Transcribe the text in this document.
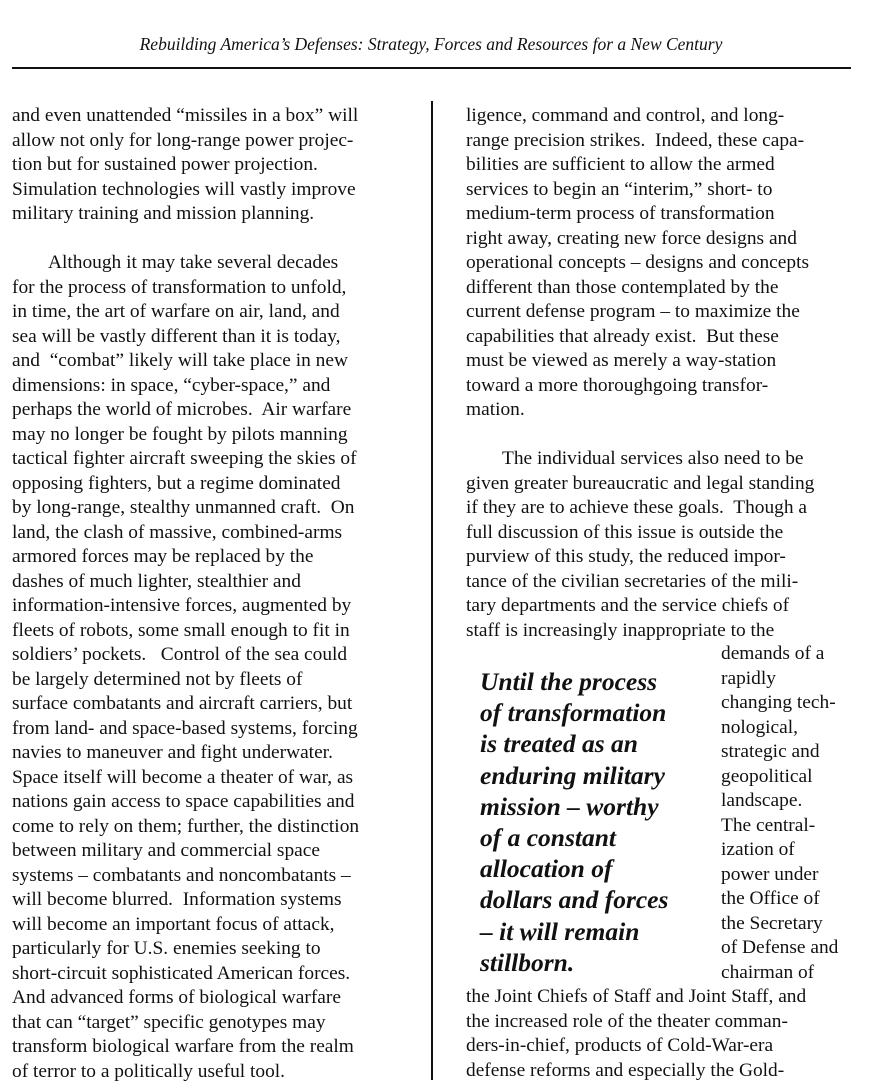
Rebuilding America’s Defenses: Strategy, Forces and Resources for a New Century
and even unattended “missiles in a box” will
allow not only for long-range power projec-
tion but for sustained power projection.
Simulation technologies will vastly improve
military training and mission planning.
Although it may take several decades
for the process of transformation to unfold,
in time, the art of warfare on air, land, and
sea will be vastly different than it is today,
and  “combat” likely will take place in new
dimensions: in space, “cyber-space,” and
perhaps the world of microbes.  Air warfare
may no longer be fought by pilots manning
tactical fighter aircraft sweeping the skies of
opposing fighters, but a regime dominated
by long-range, stealthy unmanned craft.  On
land, the clash of massive, combined-arms
armored forces may be replaced by the
dashes of much lighter, stealthier and
information-intensive forces, augmented by
fleets of robots, some small enough to fit in
soldiers’ pockets.   Control of the sea could
be largely determined not by fleets of
surface combatants and aircraft carriers, but
from land- and space-based systems, forcing
navies to maneuver and fight underwater.
Space itself will become a theater of war, as
nations gain access to space capabilities and
come to rely on them; further, the distinction
between military and commercial space
systems – combatants and noncombatants –
will become blurred.  Information systems
will become an important focus of attack,
particularly for U.S. enemies seeking to
short-circuit sophisticated American forces.
And advanced forms of biological warfare
that can “target” specific genotypes may
transform biological warfare from the realm
of terror to a politically useful tool.
ligence, command and control, and long-
range precision strikes.  Indeed, these capa-
bilities are sufficient to allow the armed
services to begin an “interim,” short- to
medium-term process of transformation
right away, creating new force designs and
operational concepts – designs and concepts
different than those contemplated by the
current defense program – to maximize the
capabilities that already exist.  But these
must be viewed as merely a way-station
toward a more thoroughgoing transfor-
mation.
The individual services also need to be
given greater bureaucratic and legal standing
if they are to achieve these goals.  Though a
full discussion of this issue is outside the
purview of this study, the reduced impor-
tance of the civilian secretaries of the mili-
tary departments and the service chiefs of
staff is increasingly inappropriate to the
Until the process
of transformation
is treated as an
enduring military
mission – worthy
of a constant
allocation of
dollars and forces
– it will remain
stillborn.
demands of a
rapidly
changing tech-
nological,
strategic and
geopolitical
landscape.
The central-
ization of
power under
the Office of
the Secretary
of Defense and
chairman of
the Joint Chiefs of Staff and Joint Staff, and
the increased role of the theater comman-
ders-in-chief, products of Cold-War-era
defense reforms and especially the Gold-
